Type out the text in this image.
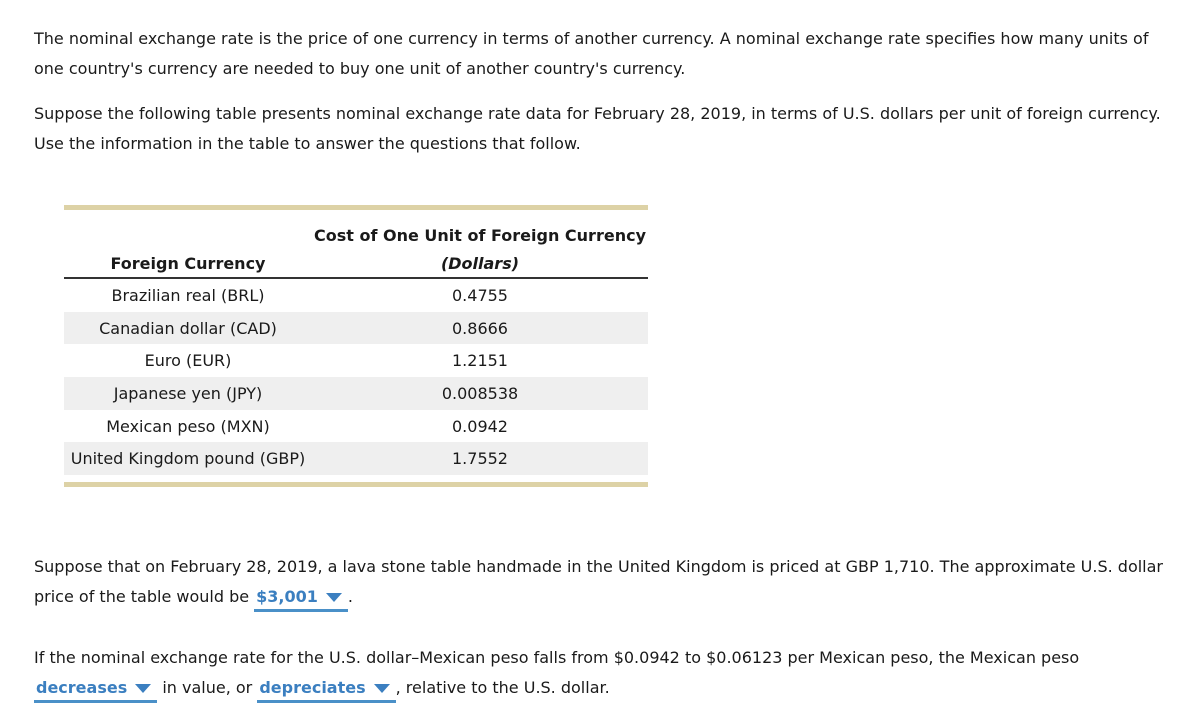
The nominal exchange rate is the price of one currency in terms of another currency. A nominal exchange rate specifies how many units of one country's currency are needed to buy one unit of another country's currency.

Suppose the following table presents nominal exchange rate data for February 28, 2019, in terms of U.S. dollars per unit of foreign currency. Use the information in the table to answer the questions that follow.

Foreign Currency
Cost of One Unit of Foreign Currency
(Dollars)
Brazilian real (BRL)	0.4755
Canadian dollar (CAD)	0.8666
Euro (EUR)	1.2151
Japanese yen (JPY)	0.008538
Mexican peso (MXN)	0.0942
United Kingdom pound (GBP)	1.7552

Suppose that on February 28, 2019, a lava stone table handmade in the United Kingdom is priced at GBP 1,710. The approximate U.S. dollar price of the table would be $3,001 .

If the nominal exchange rate for the U.S. dollar–Mexican peso falls from $0.0942 to $0.06123 per Mexican peso, the Mexican peso decreases
in value, or depreciates , relative to the U.S. dollar.
